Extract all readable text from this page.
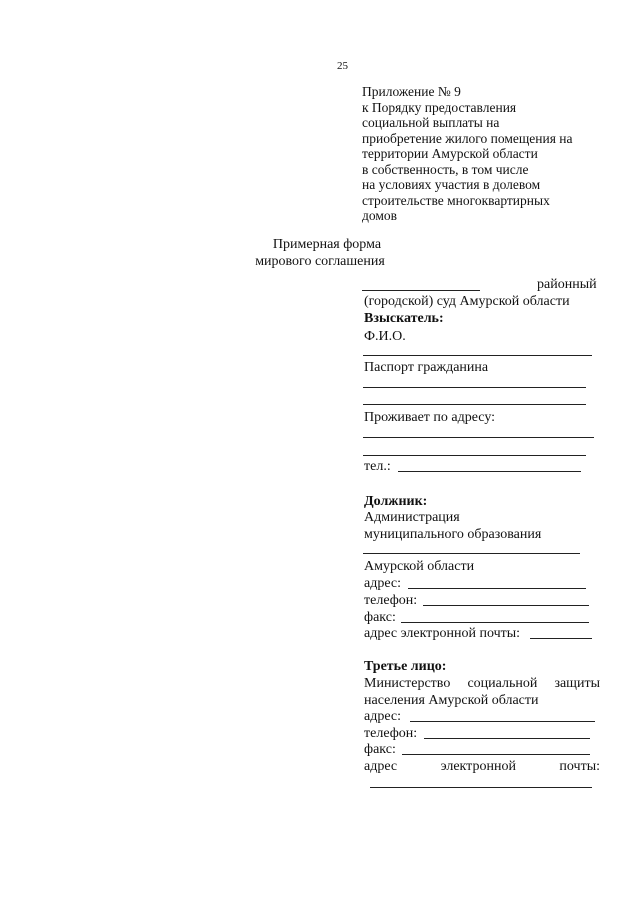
25
Приложение № 9
к Порядку предоставления
социальной выплаты на
приобретение жилого помещения на
территории Амурской области
в собственность, в том числе
на условиях участия в долевом
строительстве многоквартирных
домов
Примерная форма
мирового соглашения
районный
(городской) суд Амурской области
Взыскатель:
Ф.И.О.
Паспорт гражданина
Проживает по адресу:
тел.:
Должник:
Администрация
муниципального образования
Амурской области
адрес:
телефон:
факс:
адрес электронной почты:
Третье лицо:
Министерство социальной защиты
населения Амурской области
адрес:
телефон:
факс:
адрес	электронной	почты:
